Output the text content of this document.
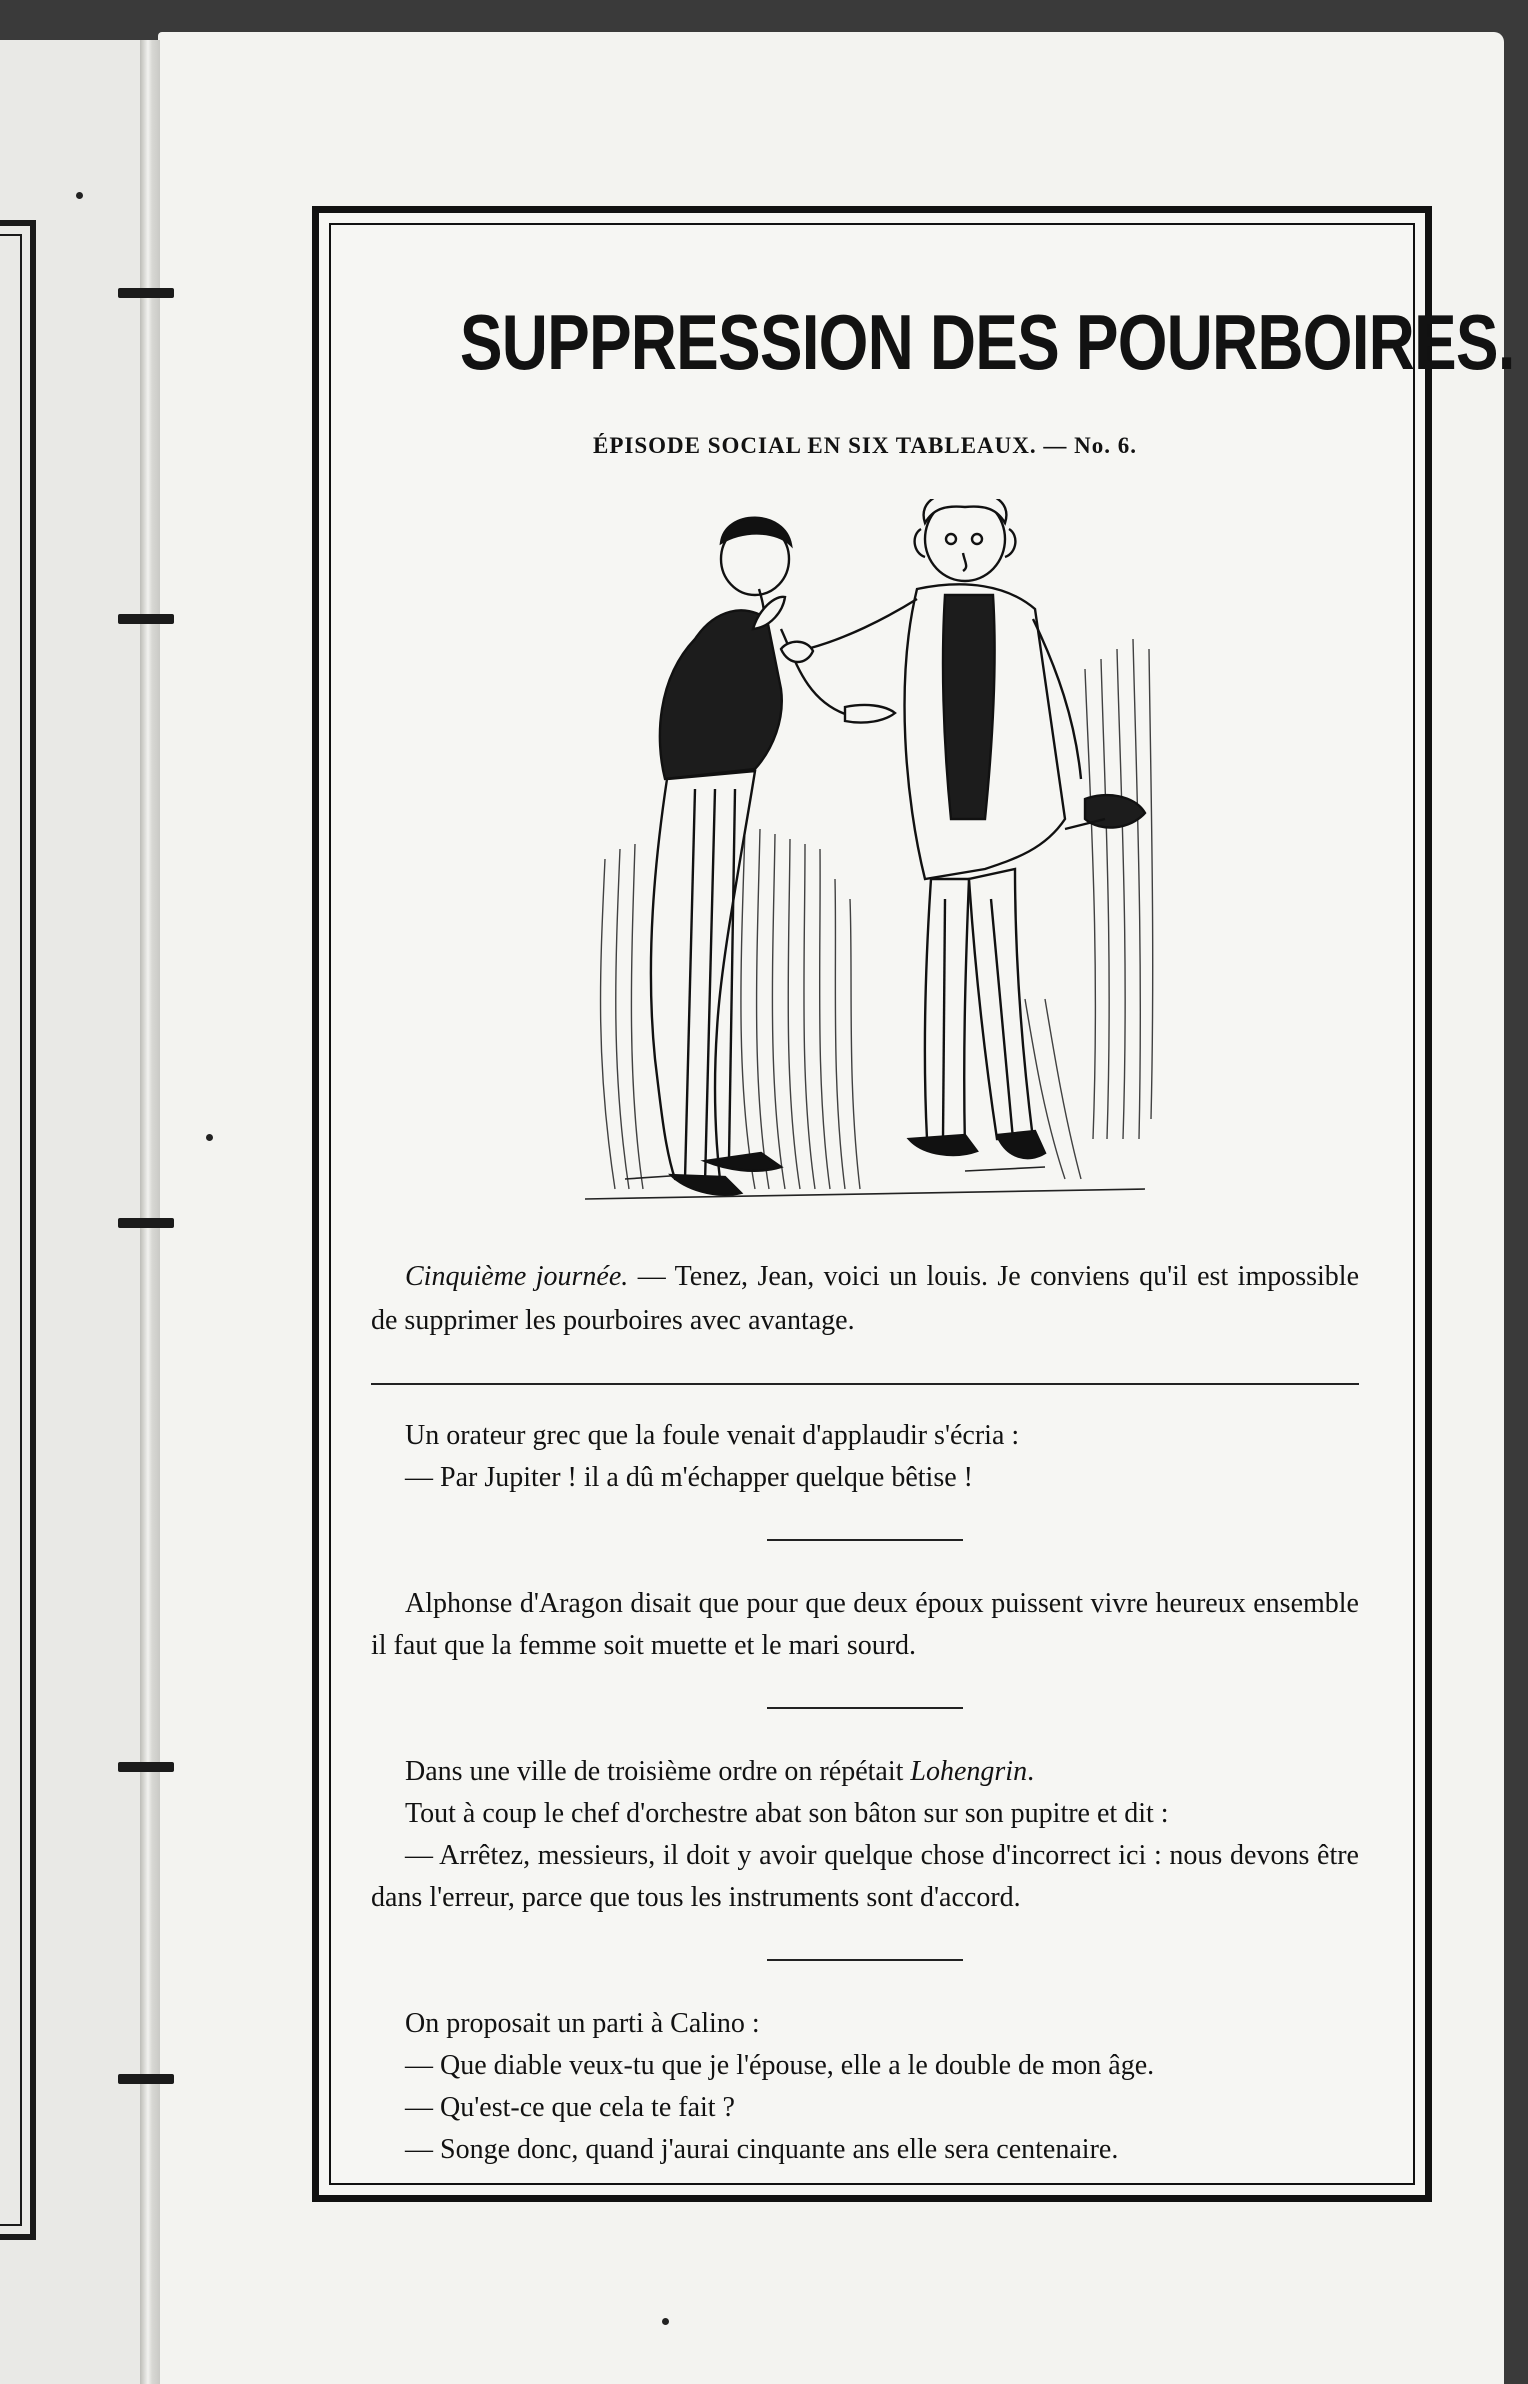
SUPPRESSION DES POURBOIRES.
ÉPISODE SOCIAL EN SIX TABLEAUX. — No. 6.
Cinquième journée. — Tenez, Jean, voici un louis. Je conviens qu'il est impossible de supprimer les pourboires avec avantage.

Un orateur grec que la foule venait d'applaudir s'écria :

— Par Jupiter ! il a dû m'échapper quelque bêtise !

Alphonse d'Aragon disait que pour que deux époux puissent vivre heureux ensemble il faut que la femme soit muette et le mari sourd.

Dans une ville de troisième ordre on répétait Lohengrin.

Tout à coup le chef d'orchestre abat son bâton sur son pupitre et dit :

— Arrêtez, messieurs, il doit y avoir quelque chose d'incorrect ici : nous devons être dans l'erreur, parce que tous les instruments sont d'accord.

On proposait un parti à Calino :

— Que diable veux-tu que je l'épouse, elle a le double de mon âge.

— Qu'est-ce que cela te fait ?

— Songe donc, quand j'aurai cinquante ans elle sera centenaire.
